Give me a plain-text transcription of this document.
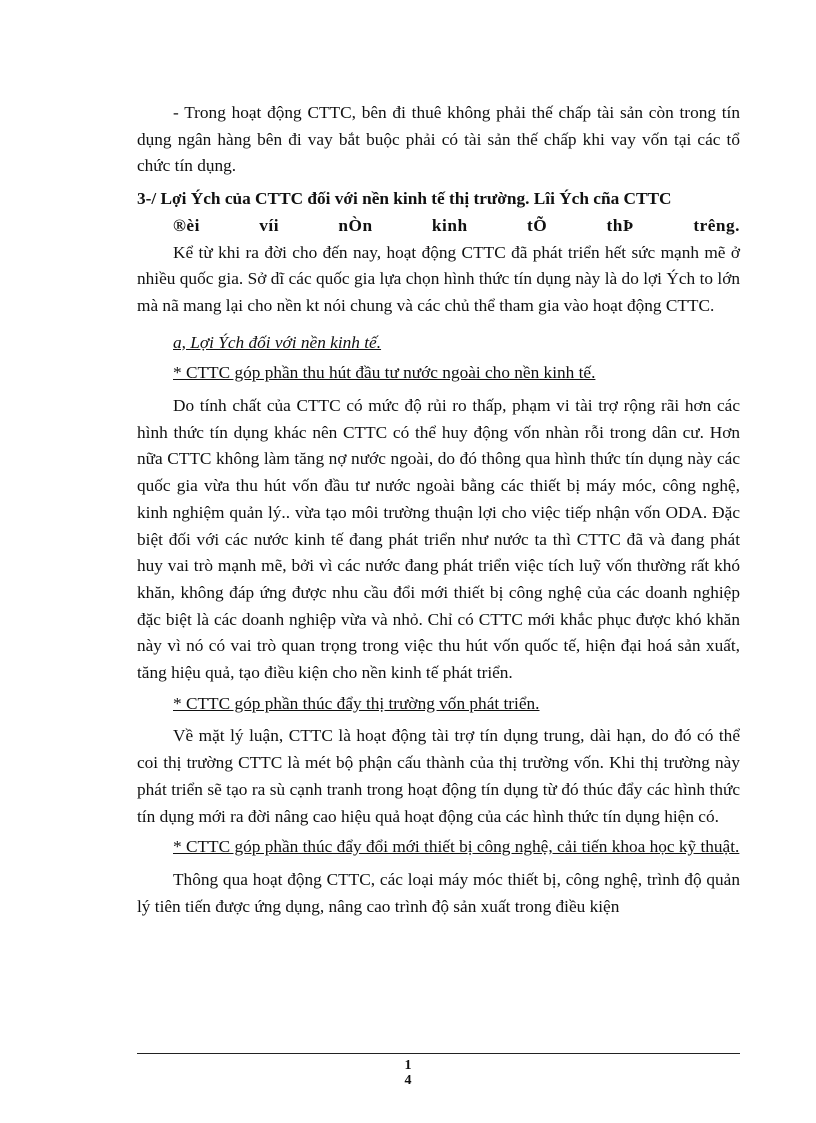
- Trong hoạt động CTTC, bên đi thuê không phải thế chấp tài sản còn trong tín dụng ngân hàng bên đi vay bắt buộc phải có tài sản thế chấp khi vay vốn tại các tổ chức tín dụng.

3-/ Lợi Ých của CTTC đối với nền kinh tế thị trường. Lîi Ých cña CTTC

®èi víi nÒn kinh tÕ thÞ trêng.

Kể từ khi ra đời cho đến nay, hoạt động CTTC đã phát triển hết sức mạnh mẽ ở nhiều quốc gia. Sở dĩ các quốc gia lựa chọn hình thức tín dụng này là do lợi Ých to lớn mà nã mang lại cho nền kt nói chung và các chủ thể tham gia vào hoạt động CTTC.

a, Lợi Ých đối với nền kinh tế.

* CTTC góp phần thu hút đầu tư nước ngoài cho nền kinh tế.

Do tính chất của CTTC có mức độ rủi ro thấp, phạm vi tài trợ rộng rãi hơn các hình thức tín dụng khác nên CTTC có thể huy động vốn nhàn rỗi trong dân cư. Hơn nữa CTTC không làm tăng nợ nước ngoài, do đó thông qua hình thức tín dụng này các quốc gia vừa thu hút vốn đầu tư nước ngoài bằng các thiết bị máy móc, công nghệ, kinh nghiệm quản lý.. vừa tạo môi trường thuận lợi cho việc tiếp nhận vốn ODA. Đặc biệt đối với các nước kinh tế đang phát triển như nước ta thì CTTC đã và đang phát huy vai trò mạnh mẽ, bởi vì các nước đang phát triển việc tích luỹ vốn thường rất khó khăn, không đáp ứng được nhu cầu đổi mới thiết bị công nghệ của các doanh nghiệp đặc biệt là các doanh nghiệp vừa và nhỏ. Chỉ có CTTC mới khắc phục được khó khăn này vì nó có vai trò quan trọng trong việc thu hút vốn quốc tế, hiện đại hoá sản xuất, tăng hiệu quả, tạo điều kiện cho nền kinh tế phát triển.

* CTTC góp phần thúc đẩy thị trường vốn phát triển.

Về mặt lý luận, CTTC là hoạt động tài trợ tín dụng trung, dài hạn, do đó có thể coi thị trường CTTC là mét bộ phận cấu thành của thị trường vốn. Khi thị trường này phát triển sẽ tạo ra sù cạnh tranh trong hoạt động tín dụng từ đó thúc đẩy các hình thức tín dụng mới ra đời nâng cao hiệu quả hoạt động của các hình thức tín dụng hiện có.

* CTTC góp phần thúc đẩy đổi mới thiết bị công nghệ, cải tiến khoa học kỹ thuật.

Thông qua hoạt động CTTC, các loại máy móc thiết bị, công nghệ, trình độ quản lý tiên tiến được ứng dụng, nâng cao trình độ sản xuất trong điều kiện

1
4
